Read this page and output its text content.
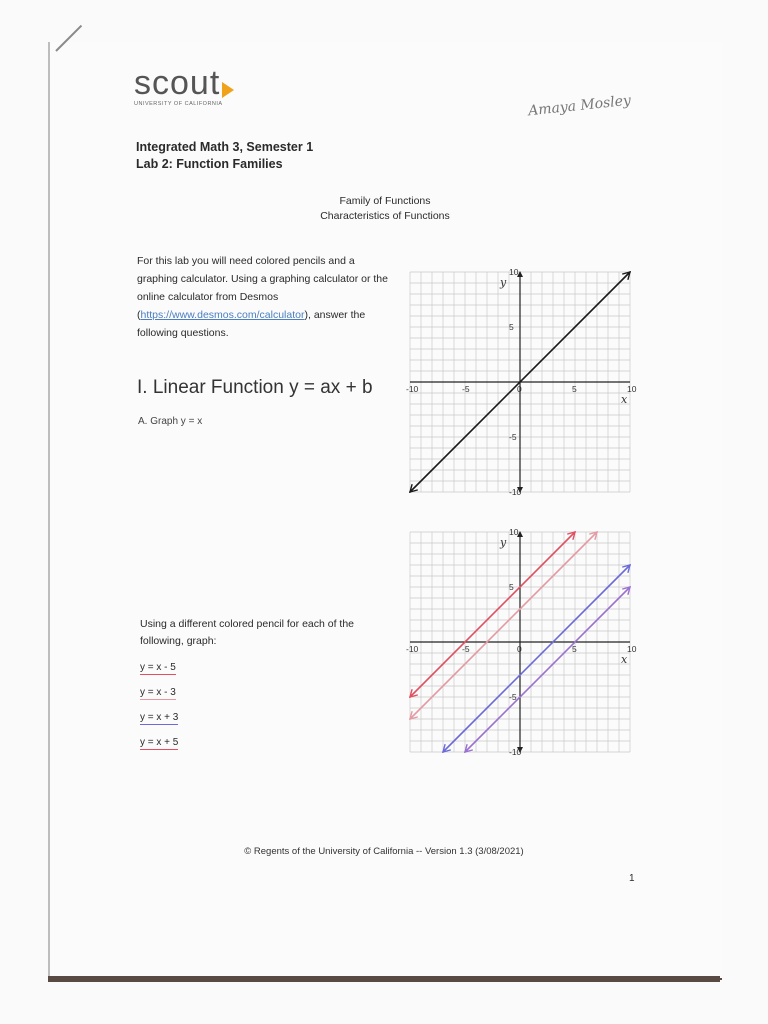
scout
UNIVERSITY OF CALIFORNIA	Amaya Mosley
Integrated Math 3, Semester 1
Lab 2: Function Families
Family of Functions
Characteristics of Functions
For this lab you will need colored pencils and a graphing calculator. Using a graphing calculator or the online calculator from Desmos (https://www.desmos.com/calculator), answer the following questions.
I. Linear Function y = ax + b
A. Graph y = x
Using a different colored pencil for each of the following, graph:
y = x - 5
y = x - 3
y = x + 3
y = x + 5
-10	-5	0	5	10
10
5
-5
-10
x
y
-10	-5	0	5	10
10
5
-5
-10
x
y
© Regents of the University of California -- Version 1.3 (3/08/2021)
1
